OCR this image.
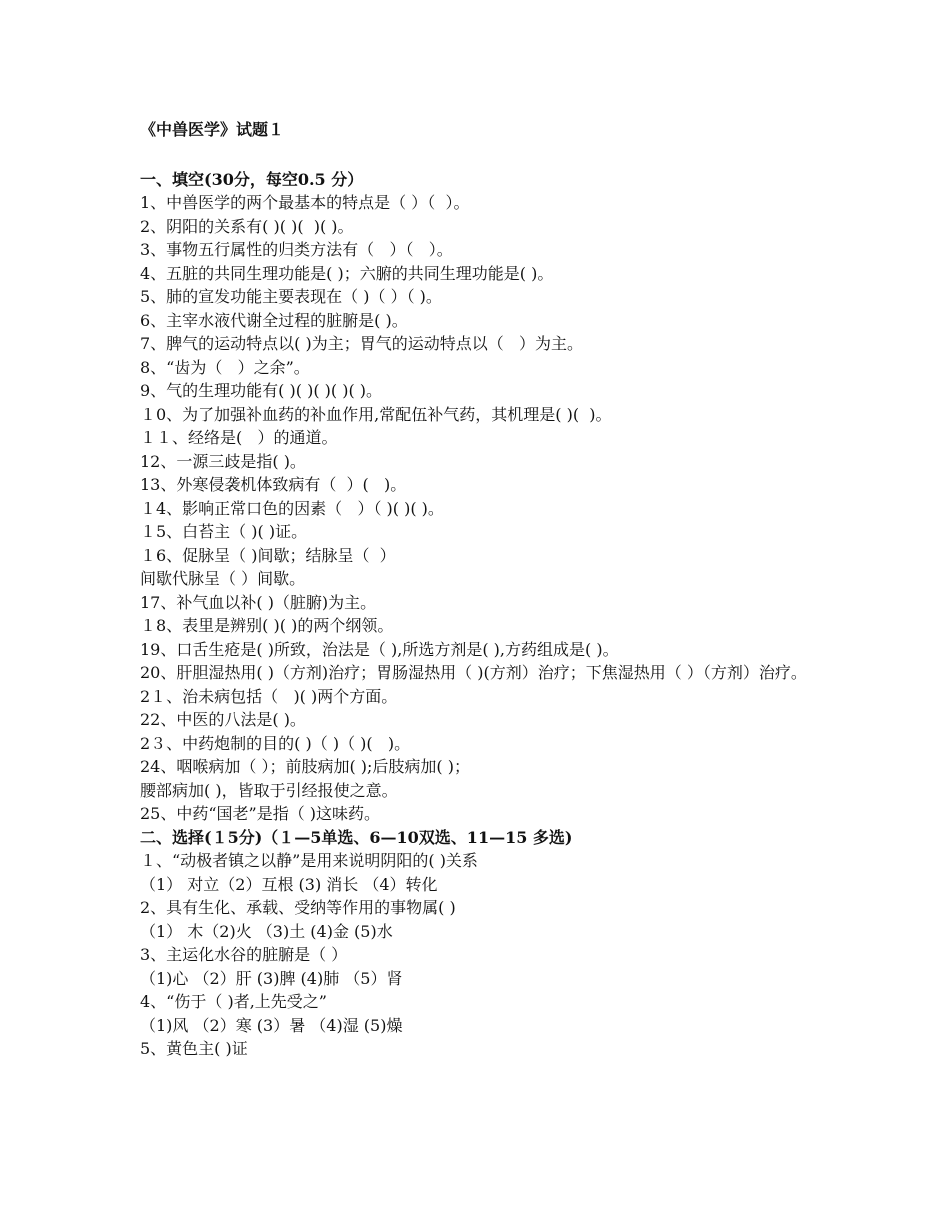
《中兽医学》试题１
一、填空(30分，每空0.5 分）
1、中兽医学的两个最基本的特点是（ ）（  ）。
2、阴阳的关系有( )( )(  )( )。
3、事物五行属性的归类方法有（   ）（   ）。
4、五脏的共同生理功能是( )；六腑的共同生理功能是( )。
5、肺的宣发功能主要表现在（ )（ ）（ )。
6、主宰水液代谢全过程的脏腑是( )。
7、脾气的运动特点以( )为主；胃气的运动特点以（   ）为主。
8、“齿为（   ）之余”。
9、气的生理功能有( )( )( )( )( )。
１0、为了加强补血药的补血作用,常配伍补气药，其机理是( )(  )。
１１、经络是(   ）的通道。
12、一源三歧是指( )。
13、外寒侵袭机体致病有（  ）(   )。
１4、影响正常口色的因素（   ）（ )( )( )。
１5、白苔主（ )( )证。
１6、促脉呈（ )间歇；结脉呈（  ）
间歇代脉呈（ ）间歇。
17、补气血以补( )（脏腑)为主。
１8、表里是辨别( )( )的两个纲领。
19、口舌生疮是( )所致，治法是（ ),所选方剂是( ),方药组成是( )。
20、肝胆湿热用( )（方剂)治疗；胃肠湿热用（ )(方剂）治疗；下焦湿热用（ ）（方剂）治疗。
2１、治未病包括（   )( )两个方面。
22、中医的八法是( )。
2３、中药炮制的目的( )（ )（ )(   )。
24、咽喉病加（ ）；前肢病加( );后肢病加( )；
腰部病加( )，皆取于引经报使之意。
25、中药“国老”是指（ )这味药。
二、选择(１5分)（１—5单选、6—10双选、11—15 多选)
１、“动极者镇之以静”是用来说明阴阳的( )关系
（1） 对立（2）互根 (3) 消长 （4）转化
2、具有生化、承载、受纳等作用的事物属( )
（1） 木（2)火 （3)土 (4)金 (5)水
3、主运化水谷的脏腑是（ ）
（1)心 （2）肝 (3)脾 (4)肺 （5）肾
4、“伤于（ )者,上先受之”
（1)风 （2）寒 (3）暑 （4)湿 (5)燥
5、黄色主( )证
